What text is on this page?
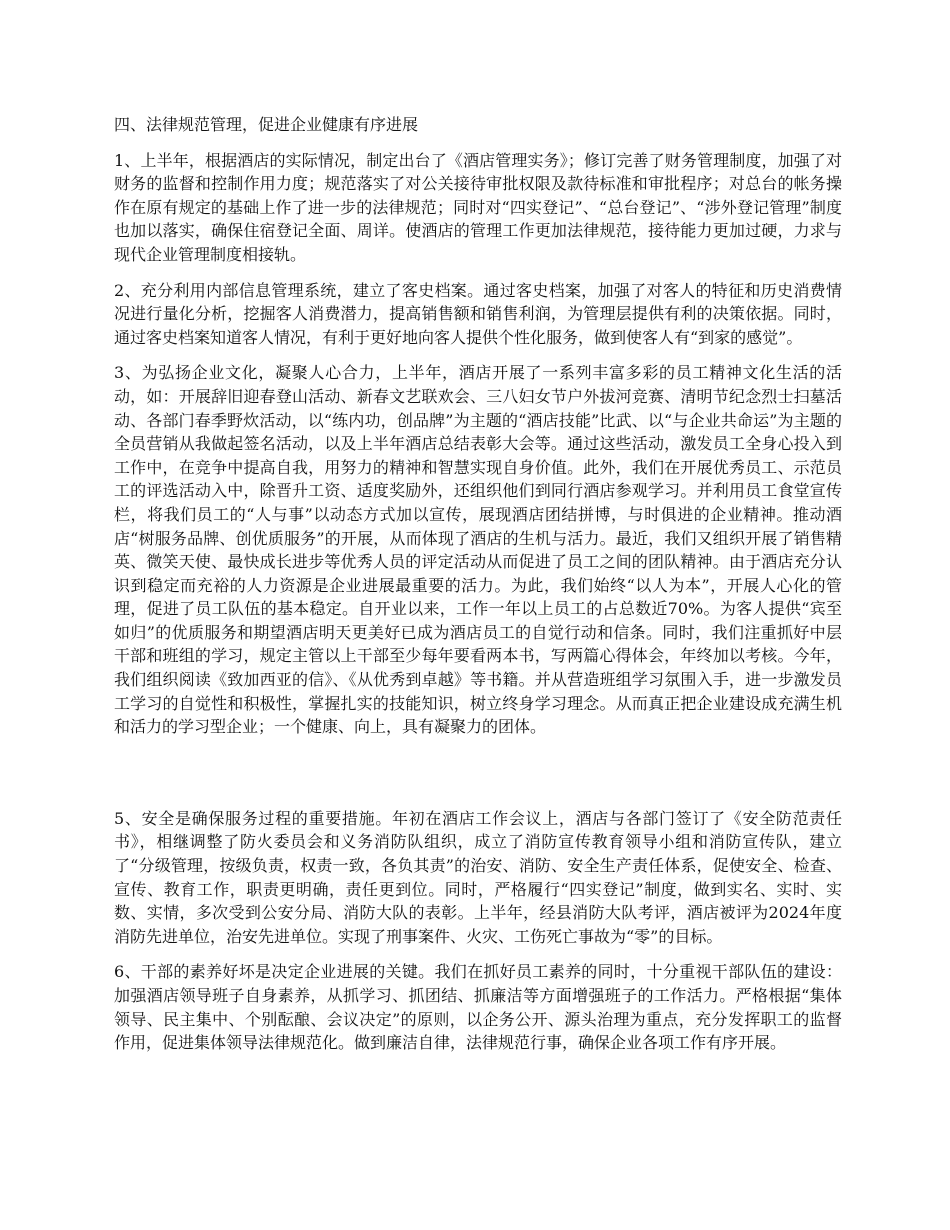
四、法律规范管理，促进企业健康有序进展

1、上半年，根据酒店的实际情况，制定出台了《酒店管理实务》；修订完善了财务管理制度，加强了对财务的监督和控制作用力度；规范落实了对公关接待审批权限及款待标准和审批程序；对总台的帐务操作在原有规定的基础上作了进一步的法律规范；同时对“四实登记”、“总台登记”、“涉外登记管理”制度也加以落实，确保住宿登记全面、周详。使酒店的管理工作更加法律规范，接待能力更加过硬，力求与现代企业管理制度相接轨。

2、充分利用内部信息管理系统，建立了客史档案。通过客史档案，加强了对客人的特征和历史消费情况进行量化分析，挖掘客人消费潜力，提高销售额和销售利润，为管理层提供有利的决策依据。同时，通过客史档案知道客人情况，有利于更好地向客人提供个性化服务，做到使客人有“到家的感觉”。

3、为弘扬企业文化，凝聚人心合力，上半年，酒店开展了一系列丰富多彩的员工精神文化生活的活动，如：开展辞旧迎春登山活动、新春文艺联欢会、三八妇女节户外拔河竞赛、清明节纪念烈士扫墓活动、各部门春季野炊活动，以“练内功，创品牌”为主题的“酒店技能”比武、以“与企业共命运”为主题的全员营销从我做起签名活动，以及上半年酒店总结表彰大会等。通过这些活动，激发员工全身心投入到工作中，在竞争中提高自我，用努力的精神和智慧实现自身价值。此外，我们在开展优秀员工、示范员工的评选活动入中，除晋升工资、适度奖励外，还组织他们到同行酒店参观学习。并利用员工食堂宣传栏，将我们员工的“人与事”以动态方式加以宣传，展现酒店团结拼博，与时俱进的企业精神。推动酒店“树服务品牌、创优质服务”的开展，从而体现了酒店的生机与活力。最近，我们又组织开展了销售精英、微笑天使、最快成长进步等优秀人员的评定活动从而促进了员工之间的团队精神。由于酒店充分认识到稳定而充裕的人力资源是企业进展最重要的活力。为此，我们始终“以人为本”，开展人心化的管理，促进了员工队伍的基本稳定。自开业以来，工作一年以上员工的占总数近70%。为客人提供“宾至如归”的优质服务和期望酒店明天更美好已成为酒店员工的自觉行动和信条。同时，我们注重抓好中层干部和班组的学习，规定主管以上干部至少每年要看两本书，写两篇心得体会，年终加以考核。今年，我们组织阅读《致加西亚的信》、《从优秀到卓越》等书籍。并从营造班组学习氛围入手，进一步激发员工学习的自觉性和积极性，掌握扎实的技能知识，树立终身学习理念。从而真正把企业建设成充满生机和活力的学习型企业；一个健康、向上，具有凝聚力的团体。

5、安全是确保服务过程的重要措施。年初在酒店工作会议上，酒店与各部门签订了《安全防范责任书》，相继调整了防火委员会和义务消防队组织，成立了消防宣传教育领导小组和消防宣传队，建立了“分级管理，按级负责，权责一致，各负其责”的治安、消防、安全生产责任体系，促使安全、检查、宣传、教育工作，职责更明确，责任更到位。同时，严格履行“四实登记”制度，做到实名、实时、实数、实情，多次受到公安分局、消防大队的表彰。上半年，经县消防大队考评，酒店被评为2024年度消防先进单位，治安先进单位。实现了刑事案件、火灾、工伤死亡事故为“零”的目标。

6、干部的素养好坏是决定企业进展的关键。我们在抓好员工素养的同时，十分重视干部队伍的建设：加强酒店领导班子自身素养，从抓学习、抓团结、抓廉洁等方面增强班子的工作活力。严格根据“集体领导、民主集中、个别酝酿、会议决定”的原则，以企务公开、源头治理为重点，充分发挥职工的监督作用，促进集体领导法律规范化。做到廉洁自律，法律规范行事，确保企业各项工作有序开展。
